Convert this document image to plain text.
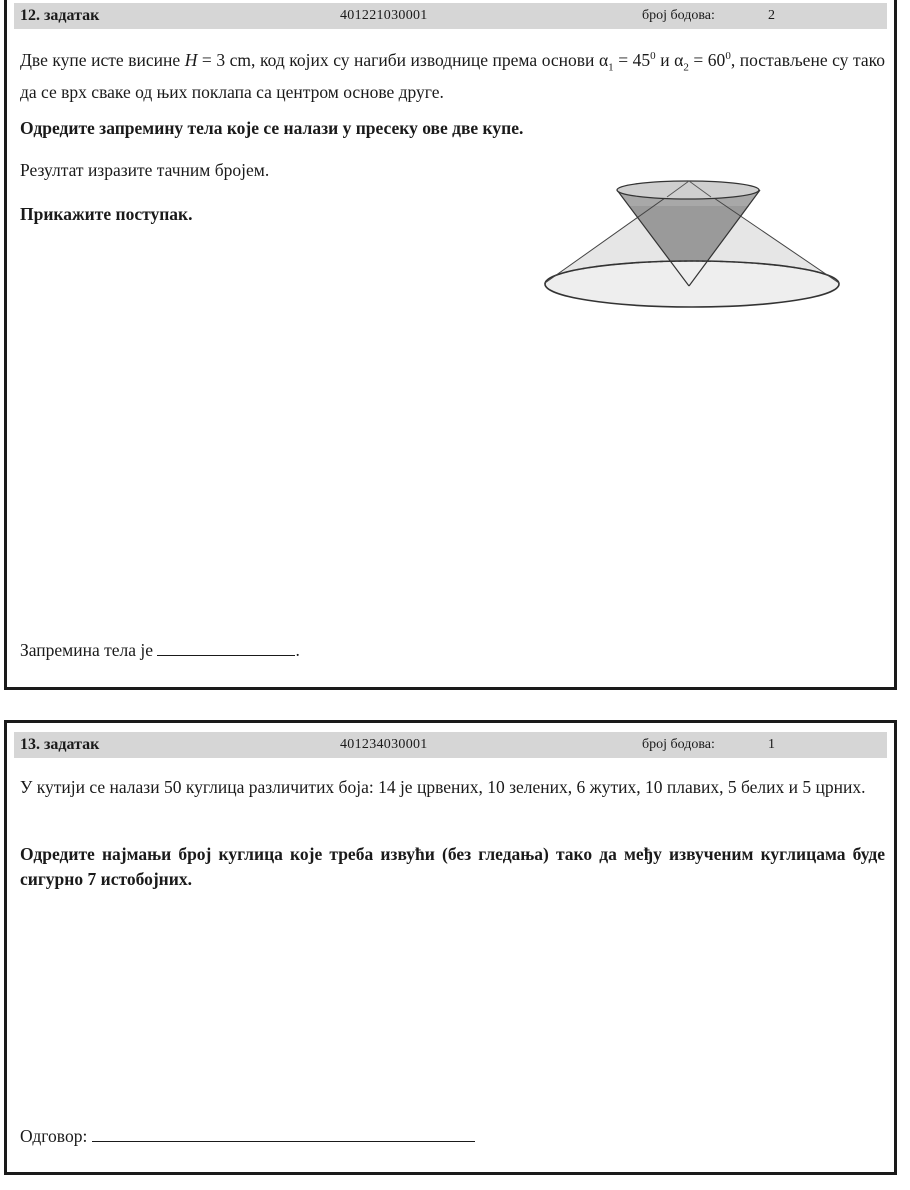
12. задатак	401221030001	број бодова:	2
Две купе исте висине H = 3 cm, код којих су нагиби изводнице према основи $\alpha_1 = 45^0$ и $\alpha_2 = 60^0$, постављене су тако да се врх сваке од њих поклапа са центром основе друге.
Одредите запремину тела које се налази у пресеку ове две купе.
Резултат изразите тачним бројем.
Прикажите поступак.
Запремина тела је	.
13. задатак	401234030001	број бодова:	1
У кутији се налази 50 куглица различитих боја: 14 је црвених, 10 зелених, 6 жутих, 10 плавих, 5 белих и 5 црних.
Одредите најмањи број куглица које треба извући (без гледања) тако да међу извученим куглицама буде сигурно 7 истобојних.
Одговор:
